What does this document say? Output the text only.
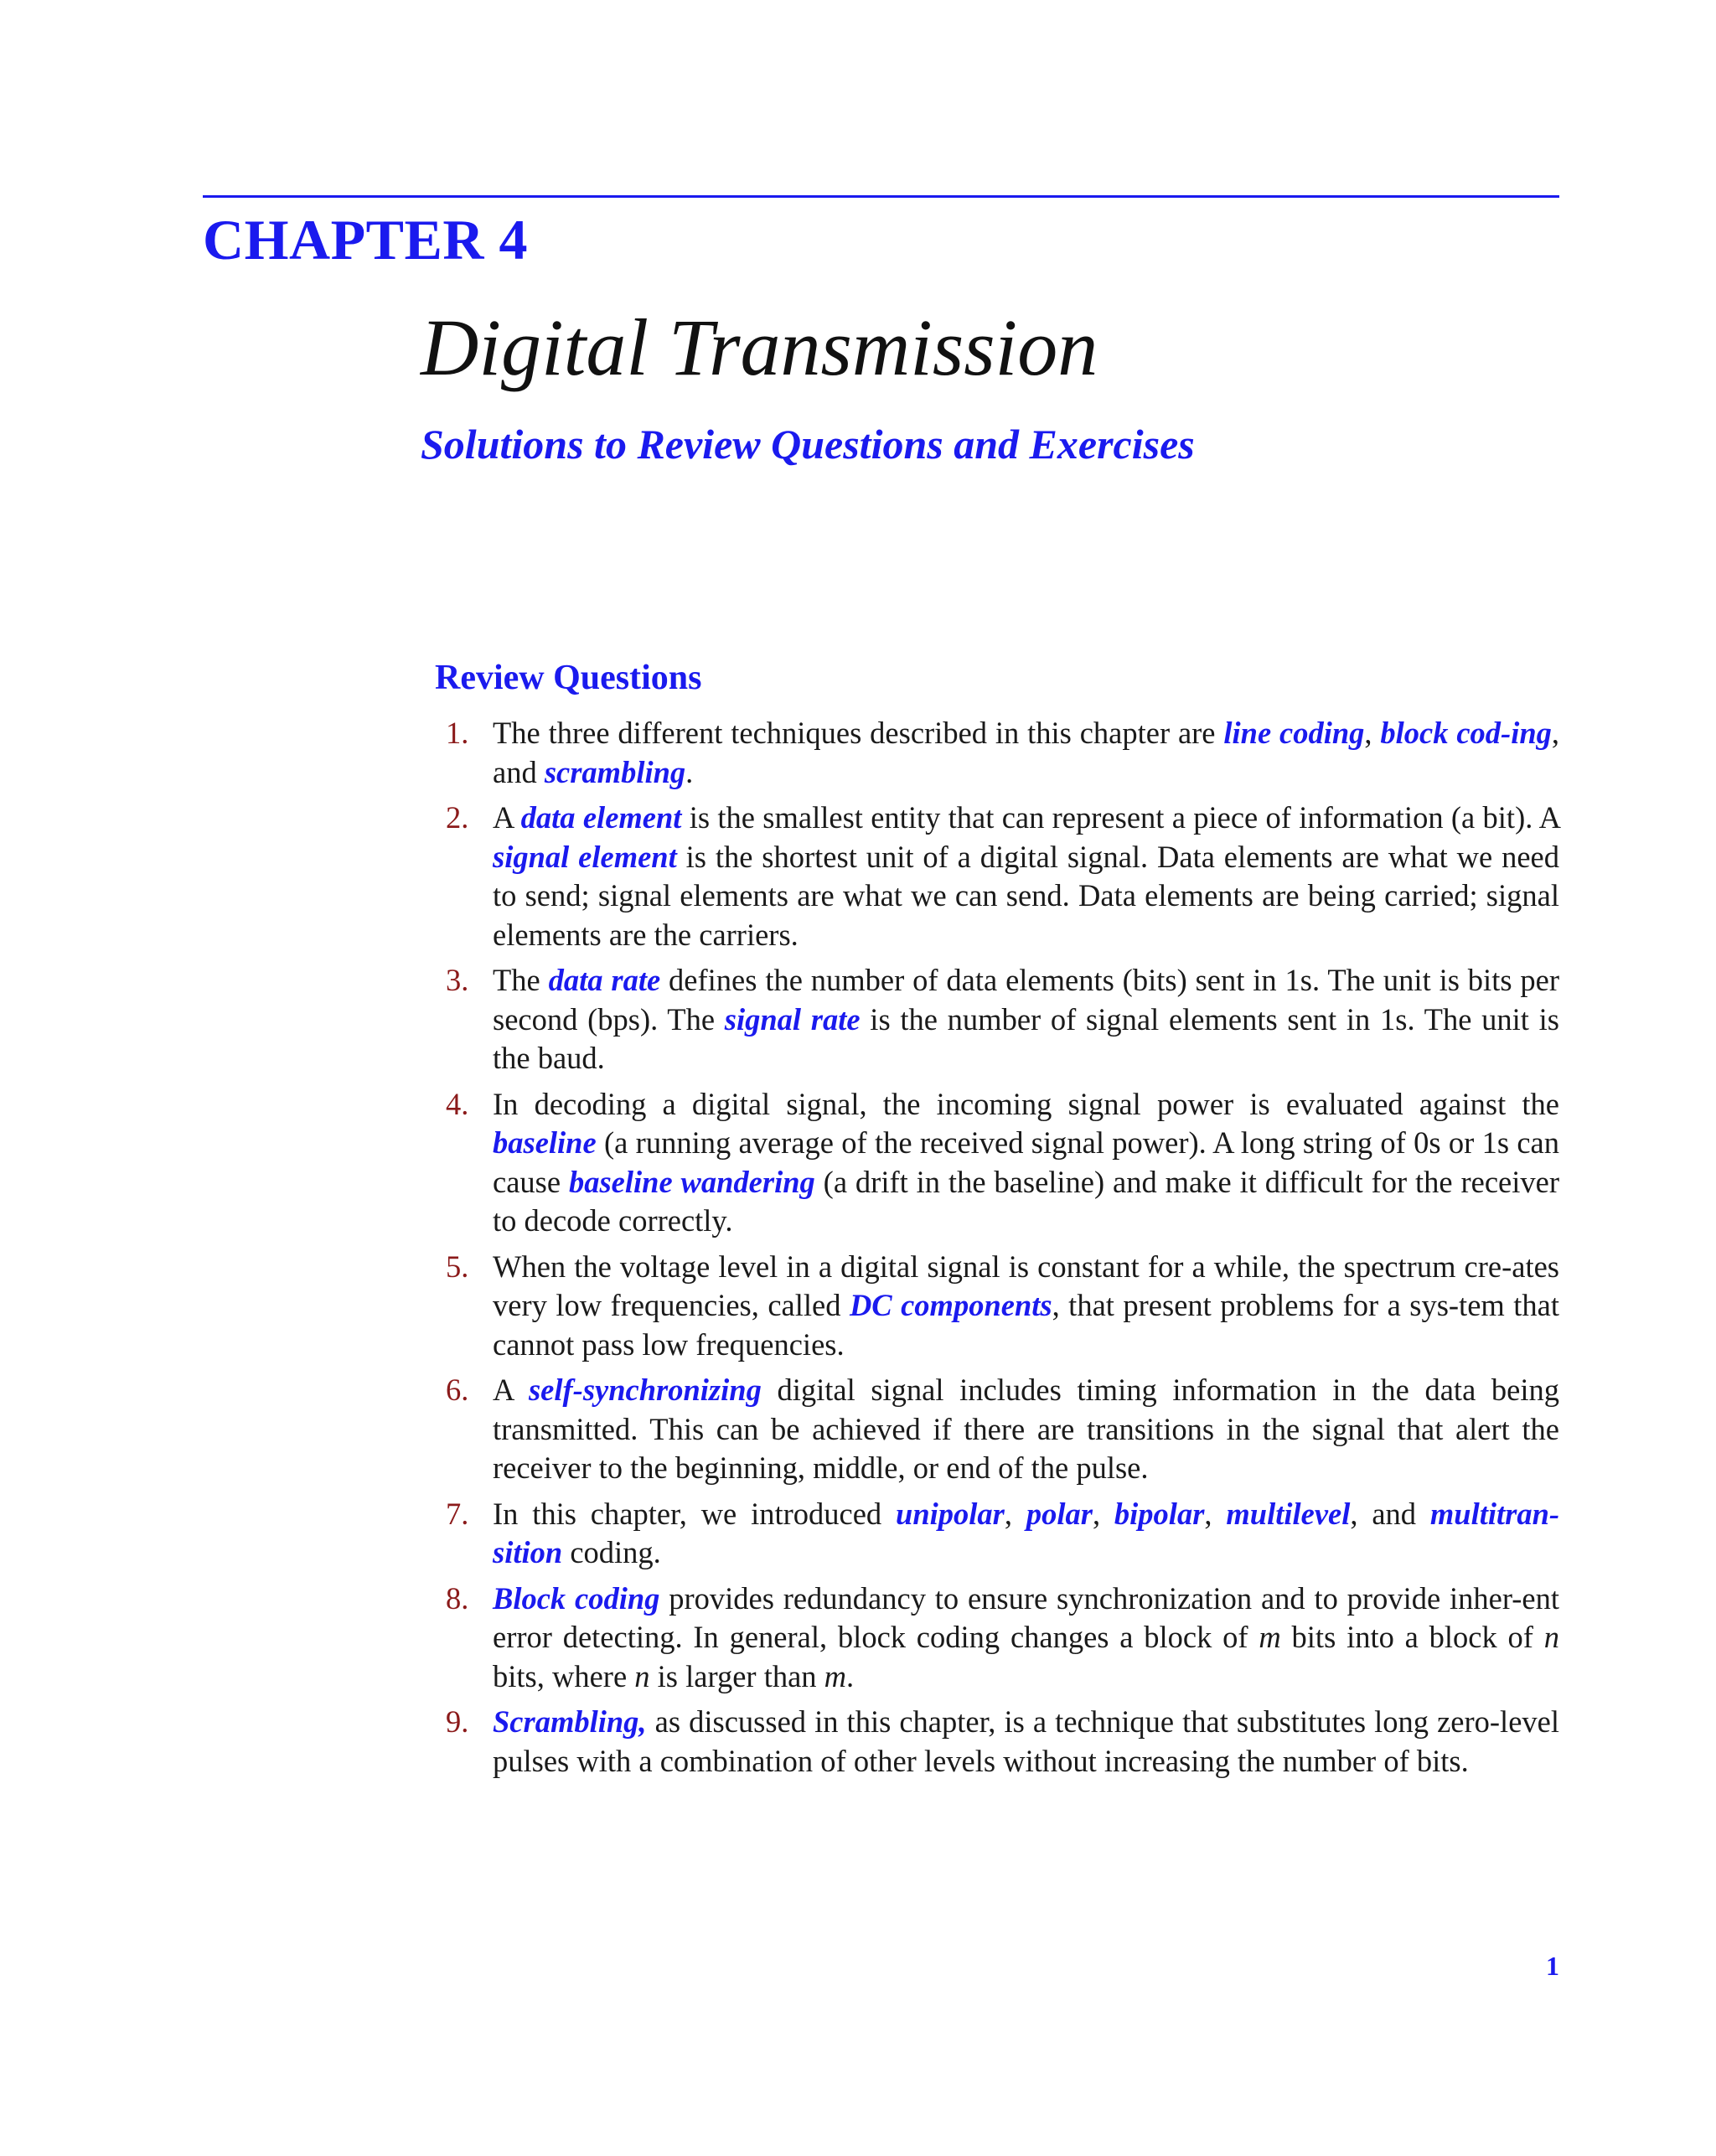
CHAPTER 4
Digital Transmission
Solutions to Review Questions and Exercises
Review Questions
1. The three different techniques described in this chapter are line coding, block cod-ing, and scrambling.
2. A data element is the smallest entity that can represent a piece of information (a bit). A signal element is the shortest unit of a digital signal. Data elements are what we need to send; signal elements are what we can send. Data elements are being carried; signal elements are the carriers.
3. The data rate defines the number of data elements (bits) sent in 1s. The unit is bits per second (bps). The signal rate is the number of signal elements sent in 1s. The unit is the baud.
4. In decoding a digital signal, the incoming signal power is evaluated against the baseline (a running average of the received signal power). A long string of 0s or 1s can cause baseline wandering (a drift in the baseline) and make it difficult for the receiver to decode correctly.
5. When the voltage level in a digital signal is constant for a while, the spectrum cre-ates very low frequencies, called DC components, that present problems for a sys-tem that cannot pass low frequencies.
6. A self-synchronizing digital signal includes timing information in the data being transmitted. This can be achieved if there are transitions in the signal that alert the receiver to the beginning, middle, or end of the pulse.
7. In this chapter, we introduced unipolar, polar, bipolar, multilevel, and multitran-sition coding.
8. Block coding provides redundancy to ensure synchronization and to provide inher-ent error detecting. In general, block coding changes a block of m bits into a block of n bits, where n is larger than m.
9. Scrambling, as discussed in this chapter, is a technique that substitutes long zero-level pulses with a combination of other levels without increasing the number of bits.
1
